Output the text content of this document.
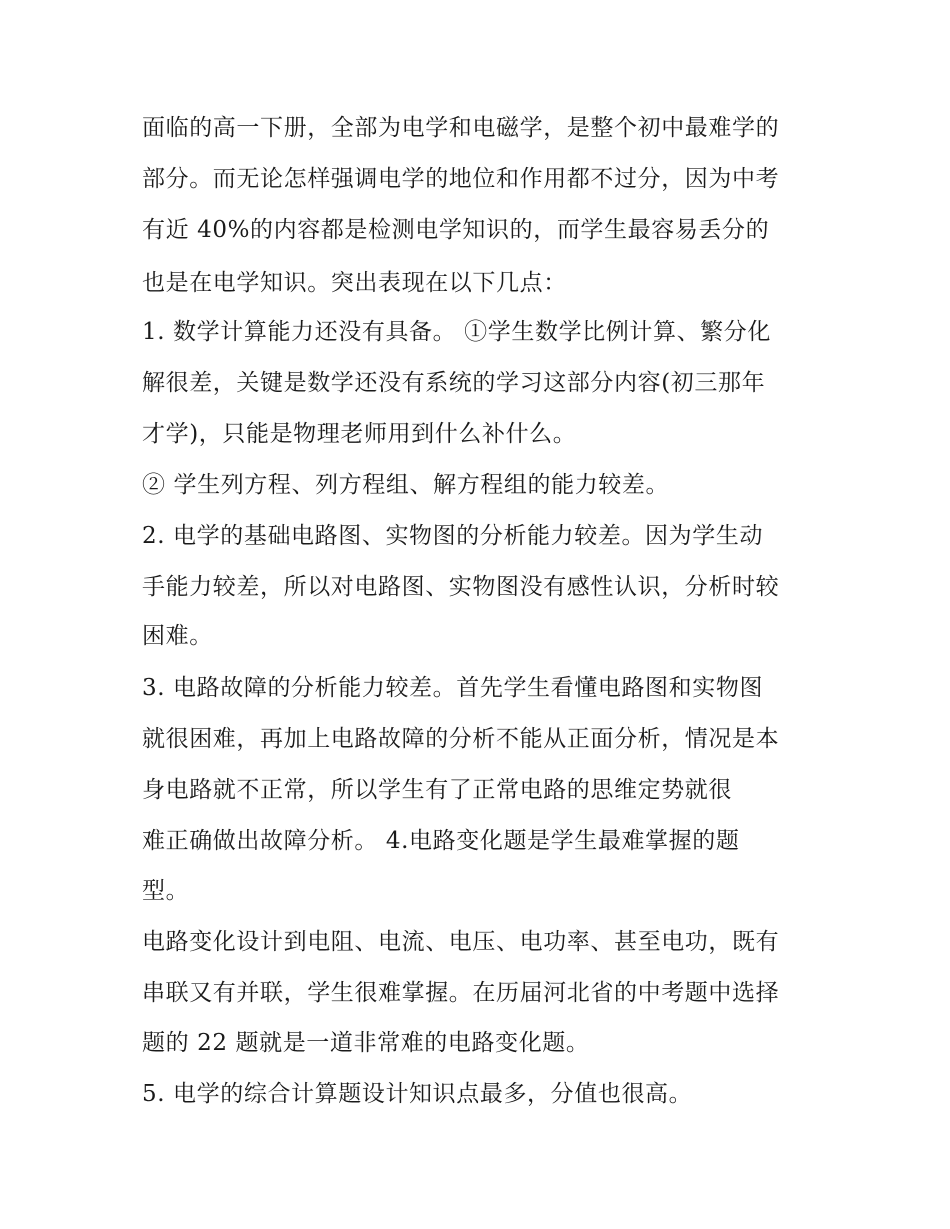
面临的高一下册，全部为电学和电磁学，是整个初中最难学的
部分。而无论怎样强调电学的地位和作用都不过分，因为中考
有近 40%的内容都是检测电学知识的，而学生最容易丢分的
也是在电学知识。突出表现在以下几点：
1. 数学计算能力还没有具备。 ①学生数学比例计算、繁分化
解很差，关键是数学还没有系统的学习这部分内容(初三那年
才学)，只能是物理老师用到什么补什么。
② 学生列方程、列方程组、解方程组的能力较差。
2. 电学的基础电路图、实物图的分析能力较差。因为学生动
手能力较差，所以对电路图、实物图没有感性认识，分析时较
困难。
3. 电路故障的分析能力较差。首先学生看懂电路图和实物图
就很困难，再加上电路故障的分析不能从正面分析，情况是本
身电路就不正常，所以学生有了正常电路的思维定势就很
难正确做出故障分析。 4.电路变化题是学生最难掌握的题
型。
电路变化设计到电阻、电流、电压、电功率、甚至电功，既有
串联又有并联，学生很难掌握。在历届河北省的中考题中选择
题的 22 题就是一道非常难的电路变化题。
5. 电学的综合计算题设计知识点最多，分值也很高。
